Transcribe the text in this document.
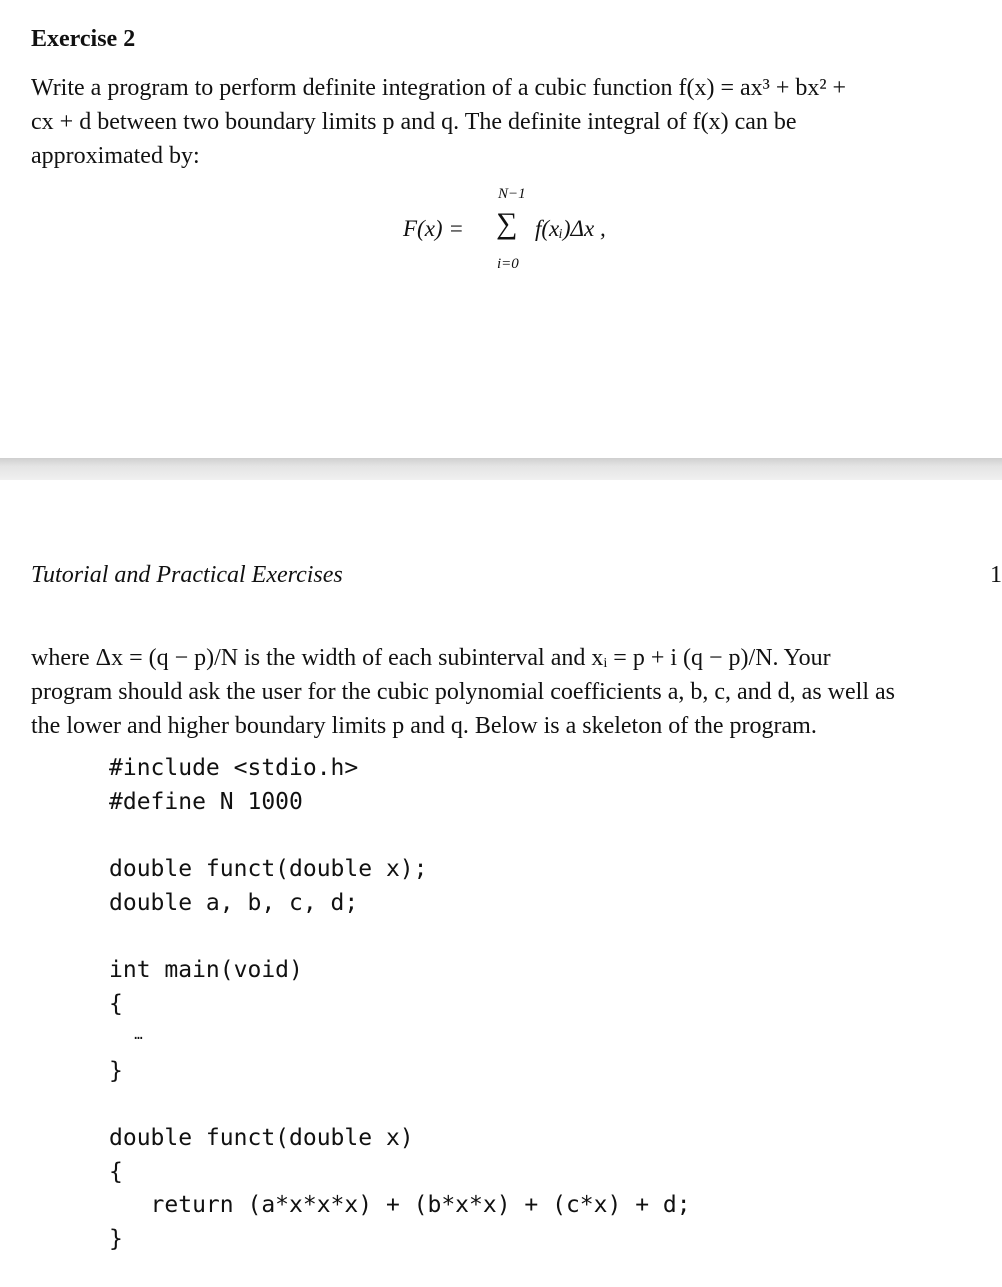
Exercise 2
Write a program to perform definite integration of a cubic function f(x) = ax³ + bx² +
cx + d between two boundary limits p and q. The definite integral of f(x) can be
approximated by:
F(x) =
N−1
∑
i=0
f(xᵢ)Δx ,
Tutorial and Practical Exercises	1
where Δx = (q − p)/N is the width of each subinterval and xᵢ = p + i (q − p)/N. Your
program should ask the user for the cubic polynomial coefficients a, b, c, and d, as well as
the lower and higher boundary limits p and q. Below is a skeleton of the program.
#include <stdio.h>
#define N 1000
double funct(double x);
double a, b, c, d;
int main(void)
{
…
}
double funct(double x)
{
return (a*x*x*x) + (b*x*x) + (c*x) + d;
}
